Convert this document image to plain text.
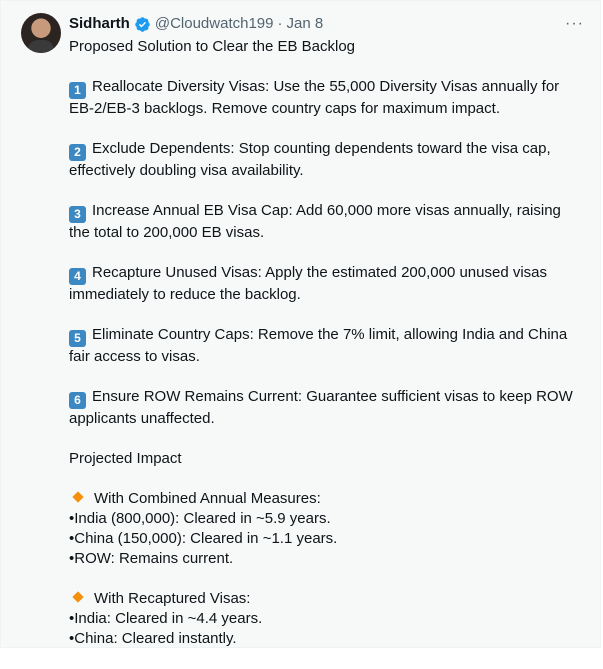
Sidharth @Cloudwatch199 · Jan 8	···

Proposed Solution to Clear the EB Backlog

1 Reallocate Diversity Visas: Use the 55,000 Diversity Visas annually for

EB-2/EB-3 backlogs. Remove country caps for maximum impact.

2 Exclude Dependents: Stop counting dependents toward the visa cap,

effectively doubling visa availability.

3 Increase Annual EB Visa Cap: Add 60,000 more visas annually, raising

the total to 200,000 EB visas.

4 Recapture Unused Visas: Apply the estimated 200,000 unused visas

immediately to reduce the backlog.

5 Eliminate Country Caps: Remove the 7% limit, allowing India and China

fair access to visas.

6 Ensure ROW Remains Current: Guarantee sufficient visas to keep ROW

applicants unaffected.

Projected Impact

With Combined Annual Measures:

•India (800,000): Cleared in ~5.9 years.

•China (150,000): Cleared in ~1.1 years.

•ROW: Remains current.

With Recaptured Visas:

•India: Cleared in ~4.4 years.

•China: Cleared instantly.
